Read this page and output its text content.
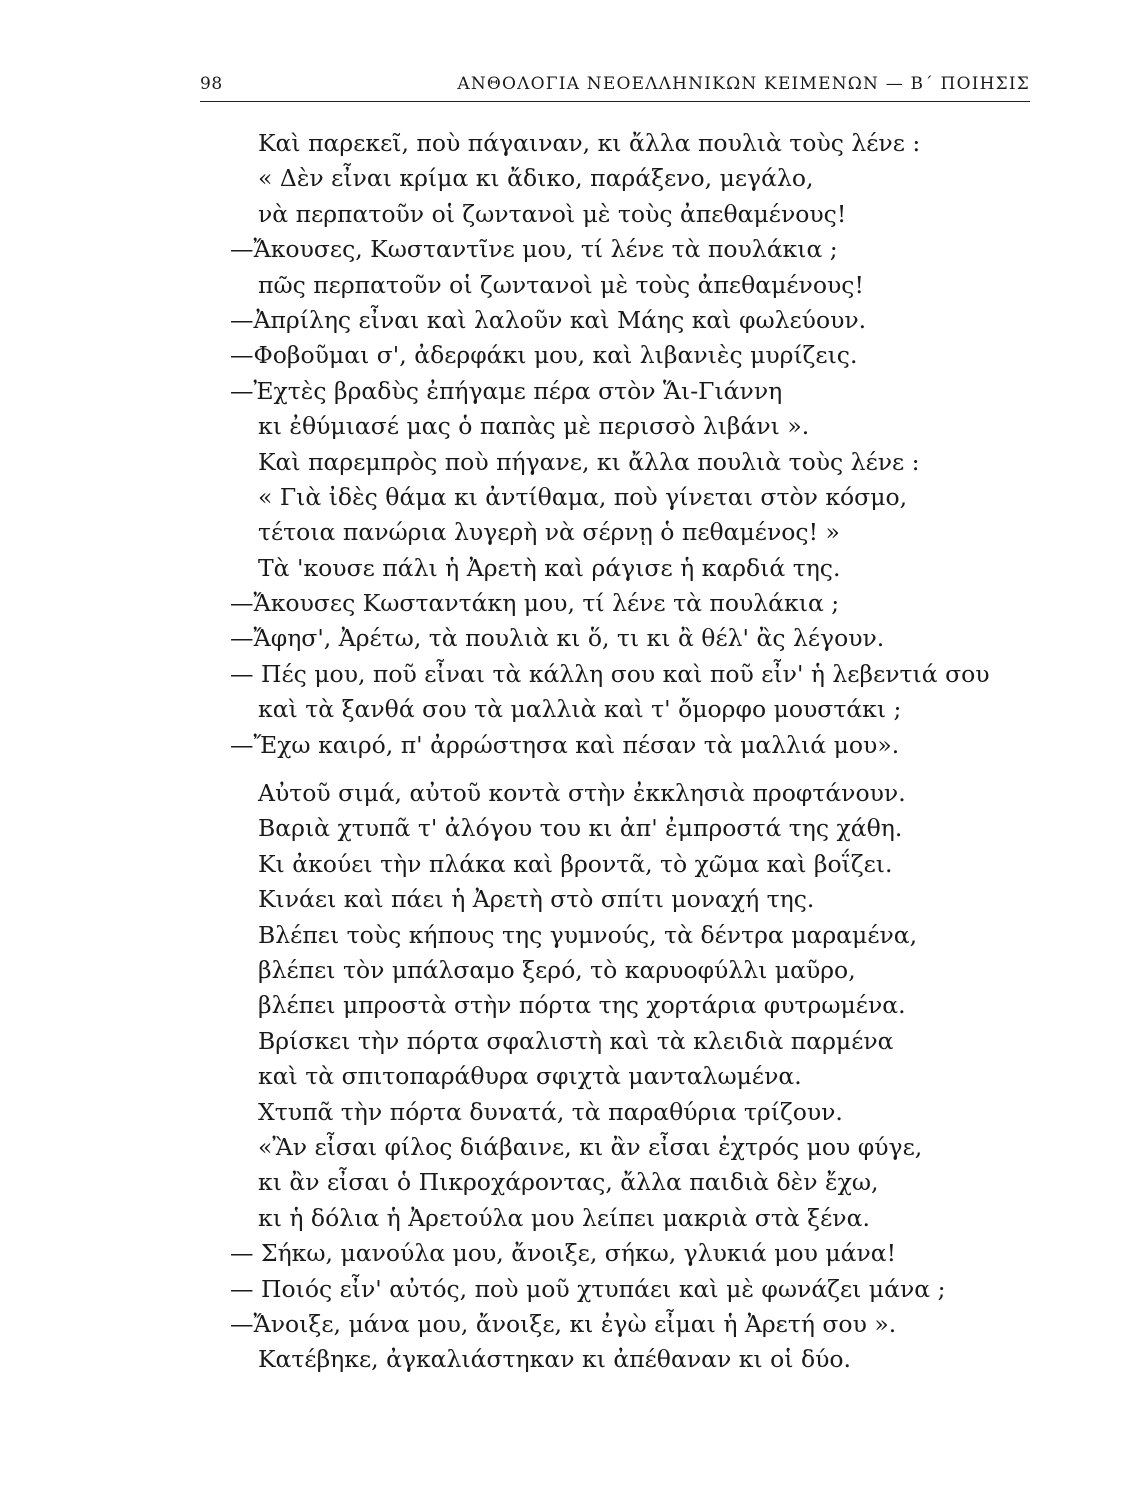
98	ΑΝΘΟΛΟΓΙΑ ΝΕΟΕΛΛΗΝΙΚΩΝ ΚΕΙΜΕΝΩΝ — Β΄ ΠΟΙΗΣΙΣ
Καὶ παρεκεῖ, ποὺ πάγαιναν, κι ἄλλα πουλιὰ τοὺς λένε :
« Δὲν εἶναι κρίμα κι ἄδικο, παράξενο, μεγάλο,
νὰ περπατοῦν οἱ ζωντανοὶ μὲ τοὺς ἀπεθαμένους!
—Ἄκουσες, Κωσταντῖνε μου, τί λένε τὰ πουλάκια ;
πῶς περπατοῦν οἱ ζωντανοὶ μὲ τοὺς ἀπεθαμένους!
—Ἀπρίλης εἶναι καὶ λαλοῦν καὶ Μάης καὶ φωλεύουν.
—Φοβοῦμαι σ', ἀδερφάκι μου, καὶ λιβανιὲς μυρίζεις.
—Ἐχτὲς βραδὺς ἐπήγαμε πέρα στὸν Ἅι-Γιάννη
κι ἐθύμιασέ μας ὁ παπὰς μὲ περισσὸ λιβάνι ».
Καὶ παρεμπρὸς ποὺ πήγανε, κι ἄλλα πουλιὰ τοὺς λένε :
« Γιὰ ἰδὲς θάμα κι ἀντίθαμα, ποὺ γίνεται στὸν κόσμο,
τέτοια πανώρια λυγερὴ νὰ σέρνῃ ὁ πεθαμένος! »
Τὰ 'κουσε πάλι ἡ Ἀρετὴ καὶ ράγισε ἡ καρδιά της.
—Ἄκουσες Κωσταντάκη μου, τί λένε τὰ πουλάκια ;
—Ἄφησ', Ἀρέτω, τὰ πουλιὰ κι ὅ, τι κι ἂ θέλ' ἂς λέγουν.
— Πές μου, ποῦ εἶναι τὰ κάλλη σου καὶ ποῦ εἶν' ἡ λεβεντιά σου
καὶ τὰ ξανθά σου τὰ μαλλιὰ καὶ τ' ὄμορφο μουστάκι ;
—Ἔχω καιρό, π' ἀρρώστησα καὶ πέσαν τὰ μαλλιά μου».
Αὐτοῦ σιμά, αὐτοῦ κοντὰ στὴν ἐκκλησιὰ προφτάνουν.
Βαριὰ χτυπᾶ τ' ἀλόγου του κι ἀπ' ἐμπροστά της χάθη.
Κι ἀκούει τὴν πλάκα καὶ βροντᾶ, τὸ χῶμα καὶ βοΐζει.
Κινάει καὶ πάει ἡ Ἀρετὴ στὸ σπίτι μοναχή της.
Βλέπει τοὺς κήπους της γυμνούς, τὰ δέντρα μαραμένα,
βλέπει τὸν μπάλσαμο ξερό, τὸ καρυοφύλλι μαῦρο,
βλέπει μπροστὰ στὴν πόρτα της χορτάρια φυτρωμένα.
Βρίσκει τὴν πόρτα σφαλιστὴ καὶ τὰ κλειδιὰ παρμένα
καὶ τὰ σπιτοπαράθυρα σφιχτὰ μανταλωμένα.
Χτυπᾶ τὴν πόρτα δυνατά, τὰ παραθύρια τρίζουν.
«Ἂν εἶσαι φίλος διάβαινε, κι ἂν εἶσαι ἐχτρός μου φύγε,
κι ἂν εἶσαι ὁ Πικροχάροντας, ἄλλα παιδιὰ δὲν ἔχω,
κι ἡ δόλια ἡ Ἀρετούλα μου λείπει μακριὰ στὰ ξένα.
— Σήκω, μανούλα μου, ἄνοιξε, σήκω, γλυκιά μου μάνα!
— Ποιός εἶν' αὐτός, ποὺ μοῦ χτυπάει καὶ μὲ φωνάζει μάνα ;
—Ἄνοιξε, μάνα μου, ἄνοιξε, κι ἐγὼ εἶμαι ἡ Ἀρετή σου ».
Κατέβηκε, ἀγκαλιάστηκαν κι ἀπέθαναν κι οἱ δύο.
